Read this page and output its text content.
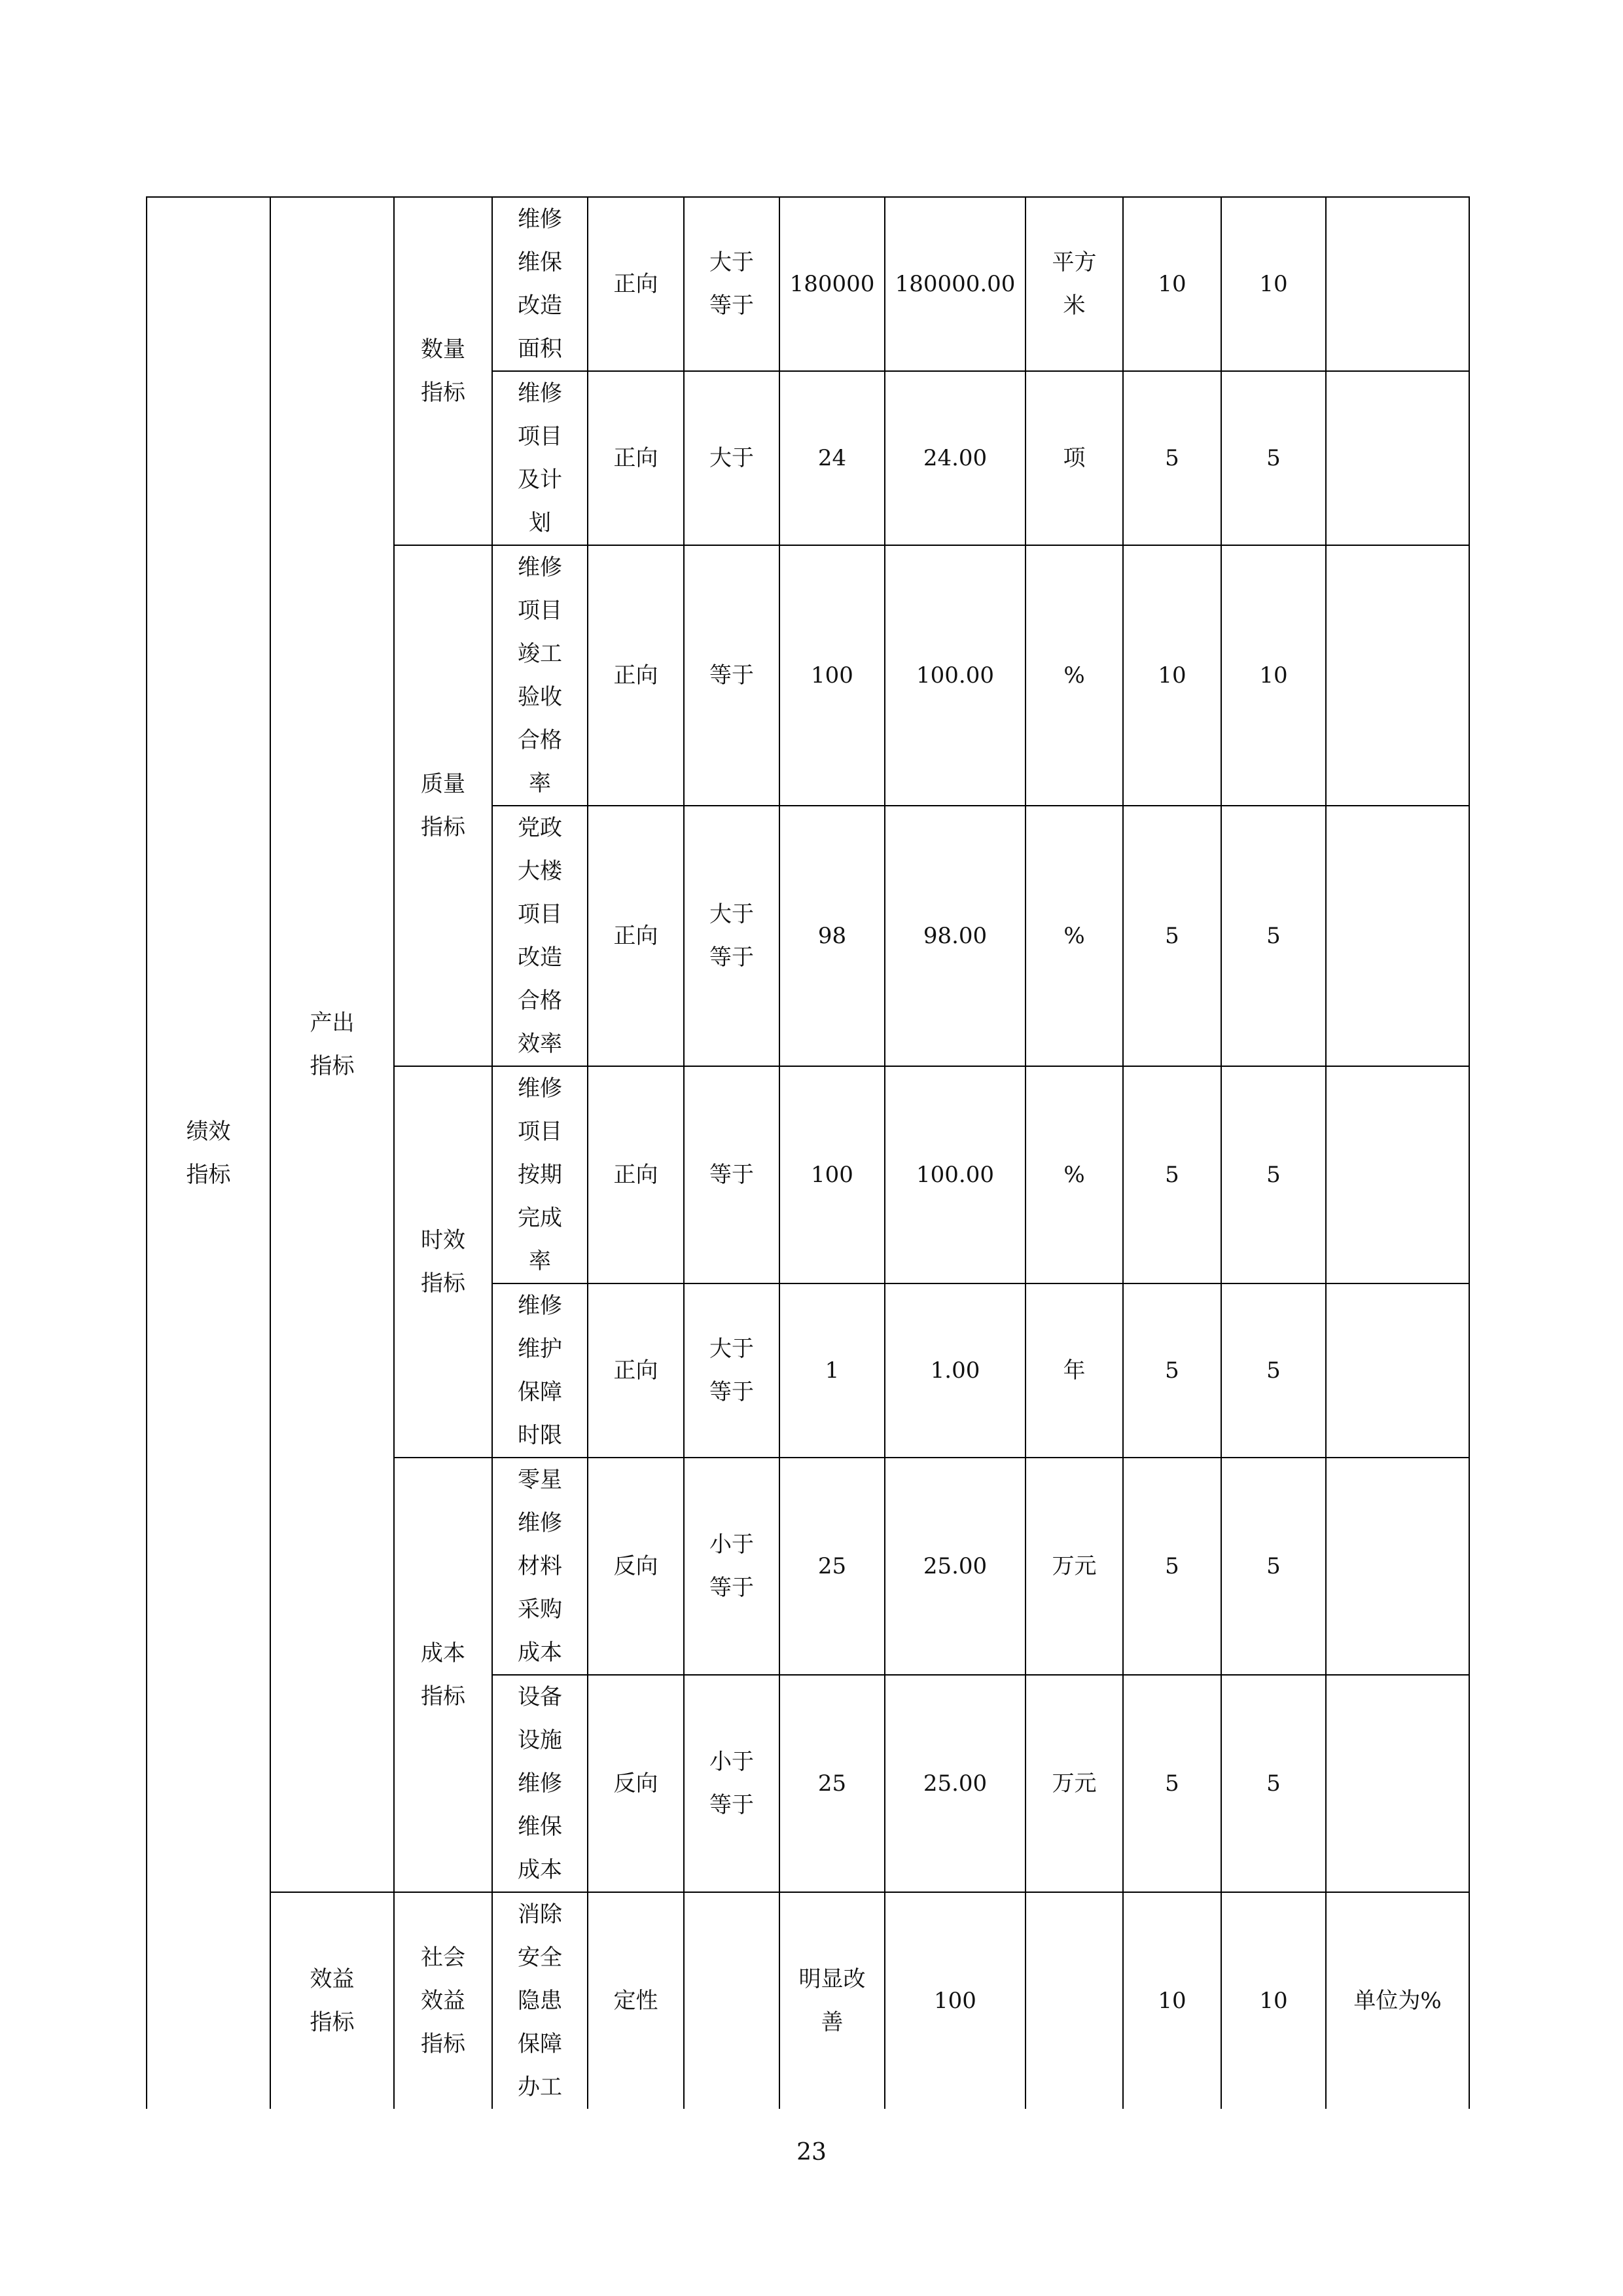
绩效指标	产出指标	数量指标	维修维保改造面积	正向	大于等于	180000	180000.00	平方米	10	10	

			维修项目及计划	正向	大于	24	24.00	项	5	5	

		质量指标	维修项目竣工验收合格率	正向	等于	100	100.00	%	10	10	

			党政大楼项目改造合格效率	正向	大于等于	98	98.00	%	5	5	

		时效指标	维修项目按期完成率	正向	等于	100	100.00	%	5	5	

			维修维护保障时限	正向	大于等于	1	1.00	年	5	5	

		成本指标	零星维修材料采购成本	反向	小于等于	25	25.00	万元	5	5	

			设备设施维修维保成本	反向	小于等于	25	25.00	万元	5	5	

	效益指标	社会效益指标	消除安全隐患保障办工	定性		明显改善	100		10	10	单位为%
23
